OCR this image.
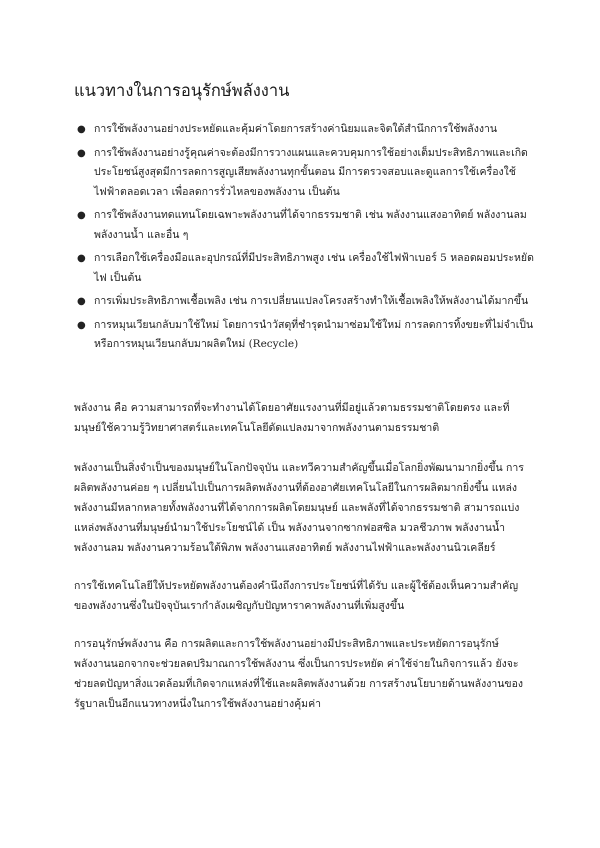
แนวทางในการอนุรักษ์พลังงาน
● การใช้พลังงานอย่างประหยัดและคุ้มค่าโดยการสร้างค่านิยมและจิตใต้สำนึกการใช้พลังงาน
● การใช้พลังงานอย่างรู้คุณค่าจะต้องมีการวางแผนและควบคุมการใช้อย่างเต็มประสิทธิภาพและเกิดประโยชน์สูงสุดมีการลดการสูญเสียพลังงานทุกขั้นตอน มีการตรวจสอบและดูแลการใช้เครื่องใช้ไฟฟ้าตลอดเวลา เพื่อลดการรั่วไหลของพลังงาน เป็นต้น
● การใช้พลังงานทดแทนโดยเฉพาะพลังงานที่ได้จากธรรมชาติ เช่น พลังงานแสงอาทิตย์ พลังงานลมพลังงานน้ำ และอื่น ๆ
● การเลือกใช้เครื่องมือและอุปกรณ์ที่มีประสิทธิภาพสูง เช่น เครื่องใช้ไฟฟ้าเบอร์ 5 หลอดผอมประหยัดไฟ เป็นต้น
● การเพิ่มประสิทธิภาพเชื้อเพลิง เช่น การเปลี่ยนแปลงโครงสร้างทำให้เชื้อเพลิงให้พลังงานได้มากขึ้น
● การหมุนเวียนกลับมาใช้ใหม่ โดยการนำวัสดุที่ชำรุดนำมาซ่อมใช้ใหม่ การลดการทิ้งขยะที่ไม่จำเป็นหรือการหมุนเวียนกลับมาผลิตใหม่ (Recycle)

พลังงาน คือ ความสามารถที่จะทำงานได้โดยอาศัยแรงงานที่มีอยู่แล้วตามธรรมชาติโดยตรง และที่มนุษย์ใช้ความรู้วิทยาศาสตร์และเทคโนโลยีดัดแปลงมาจากพลังงานตามธรรมชาติ

พลังงานเป็นสิ่งจำเป็นของมนุษย์ในโลกปัจจุบัน และทวีความสำคัญขึ้นเมื่อโลกยิ่งพัฒนามากยิ่งขึ้น การผลิตพลังงานค่อย ๆ เปลี่ยนไปเป็นการผลิตพลังงานที่ต้องอาศัยเทคโนโลยีในการผลิตมากยิ่งขึ้น แหล่งพลังงานมีหลากหลายทั้งพลังงานที่ได้จากการผลิตโดยมนุษย์ และพลังที่ได้จากธรรมชาติ สามารถแบ่งแหล่งพลังงานที่มนุษย์นำมาใช้ประโยชน์ได้ เป็น พลังงานจากซากฟอสซิล มวลชีวภาพ พลังงานน้ำ พลังงานลม พลังงานความร้อนใต้พิภพ พลังงานแสงอาทิตย์ พลังงานไฟฟ้าและพลังงานนิวเคลียร์

การใช้เทคโนโลยีให้ประหยัดพลังงานต้องคำนึงถึงการประโยชน์ที่ได้รับ และผู้ใช้ต้องเห็นความสำคัญของพลังงานซึ่งในปัจจุบันเรากำลังเผชิญกับปัญหาราคาพลังงานที่เพิ่มสูงขึ้น

การอนุรักษ์พลังงาน คือ การผลิตและการใช้พลังงานอย่างมีประสิทธิภาพและประหยัดการอนุรักษ์พลังงานนอกจากจะช่วยลดปริมาณการใช้พลังงาน ซึ่งเป็นการประหยัด ค่าใช้จ่ายในกิจการแล้ว ยังจะช่วยลดปัญหาสิ่งแวดล้อมที่เกิดจากแหล่งที่ใช้และผลิตพลังงานด้วย การสร้างนโยบายด้านพลังงานของรัฐบาลเป็นอีกแนวทางหนึ่งในการใช้พลังงานอย่างคุ้มค่า
